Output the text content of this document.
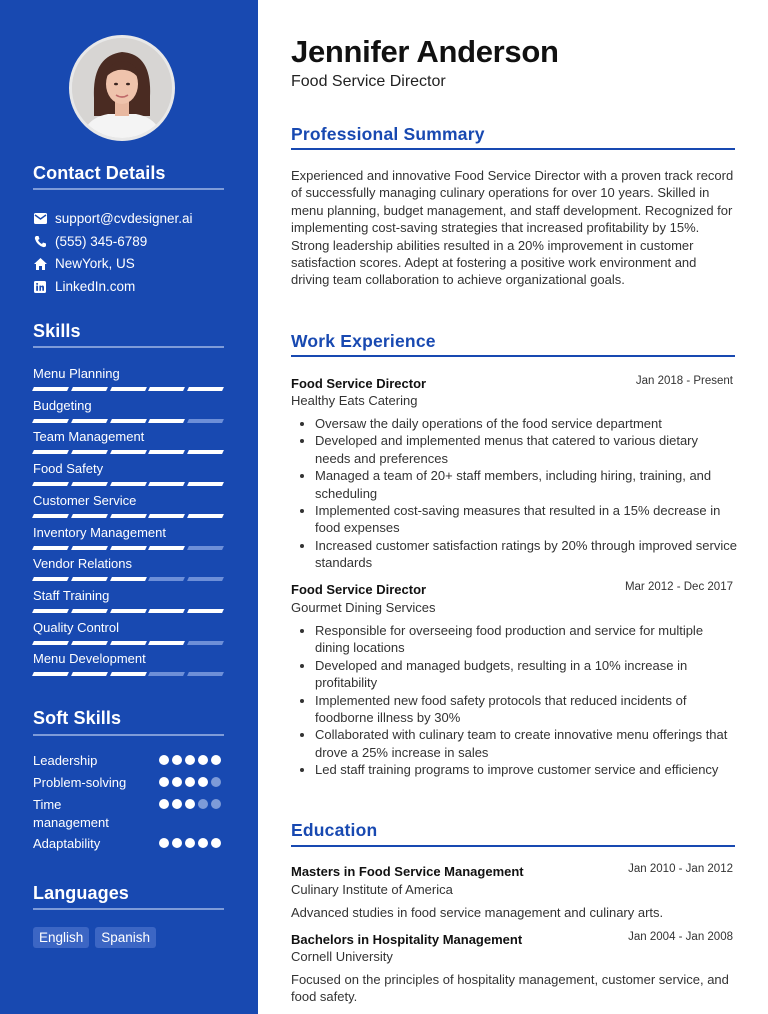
Contact Details
support@cvdesigner.ai
(555) 345-6789
NewYork, US
LinkedIn.com
Skills
Menu Planning
Budgeting
Team Management
Food Safety
Customer Service
Inventory Management
Vendor Relations
Staff Training
Quality Control
Menu Development
Soft Skills
Leadership
Problem-solving
Time management
Adaptability
Languages
English	Spanish
Jennifer Anderson
Food Service Director
Professional Summary
Experienced and innovative Food Service Director with a proven track record of successfully managing culinary operations for over 10 years. Skilled in menu planning, budget management, and staff development. Recognized for implementing cost-saving strategies that increased profitability by 15%. Strong leadership abilities resulted in a 20% improvement in customer satisfaction scores. Adept at fostering a positive work environment and driving team collaboration to achieve organizational goals.
Work Experience
Food Service Director	Jan 2018 - Present
Healthy Eats Catering
Oversaw the daily operations of the food service department
Developed and implemented menus that catered to various dietary needs and preferences
Managed a team of 20+ staff members, including hiring, training, and scheduling
Implemented cost-saving measures that resulted in a 15% decrease in food expenses
Increased customer satisfaction ratings by 20% through improved service standards
Food Service Director	Mar 2012 - Dec 2017
Gourmet Dining Services
Responsible for overseeing food production and service for multiple dining locations
Developed and managed budgets, resulting in a 10% increase in profitability
Implemented new food safety protocols that reduced incidents of foodborne illness by 30%
Collaborated with culinary team to create innovative menu offerings that drove a 25% increase in sales
Led staff training programs to improve customer service and efficiency
Education
Masters in Food Service Management	Jan 2010 - Jan 2012
Culinary Institute of America
Advanced studies in food service management and culinary arts.
Bachelors in Hospitality Management	Jan 2004 - Jan 2008
Cornell University
Focused on the principles of hospitality management, customer service, and food safety.
